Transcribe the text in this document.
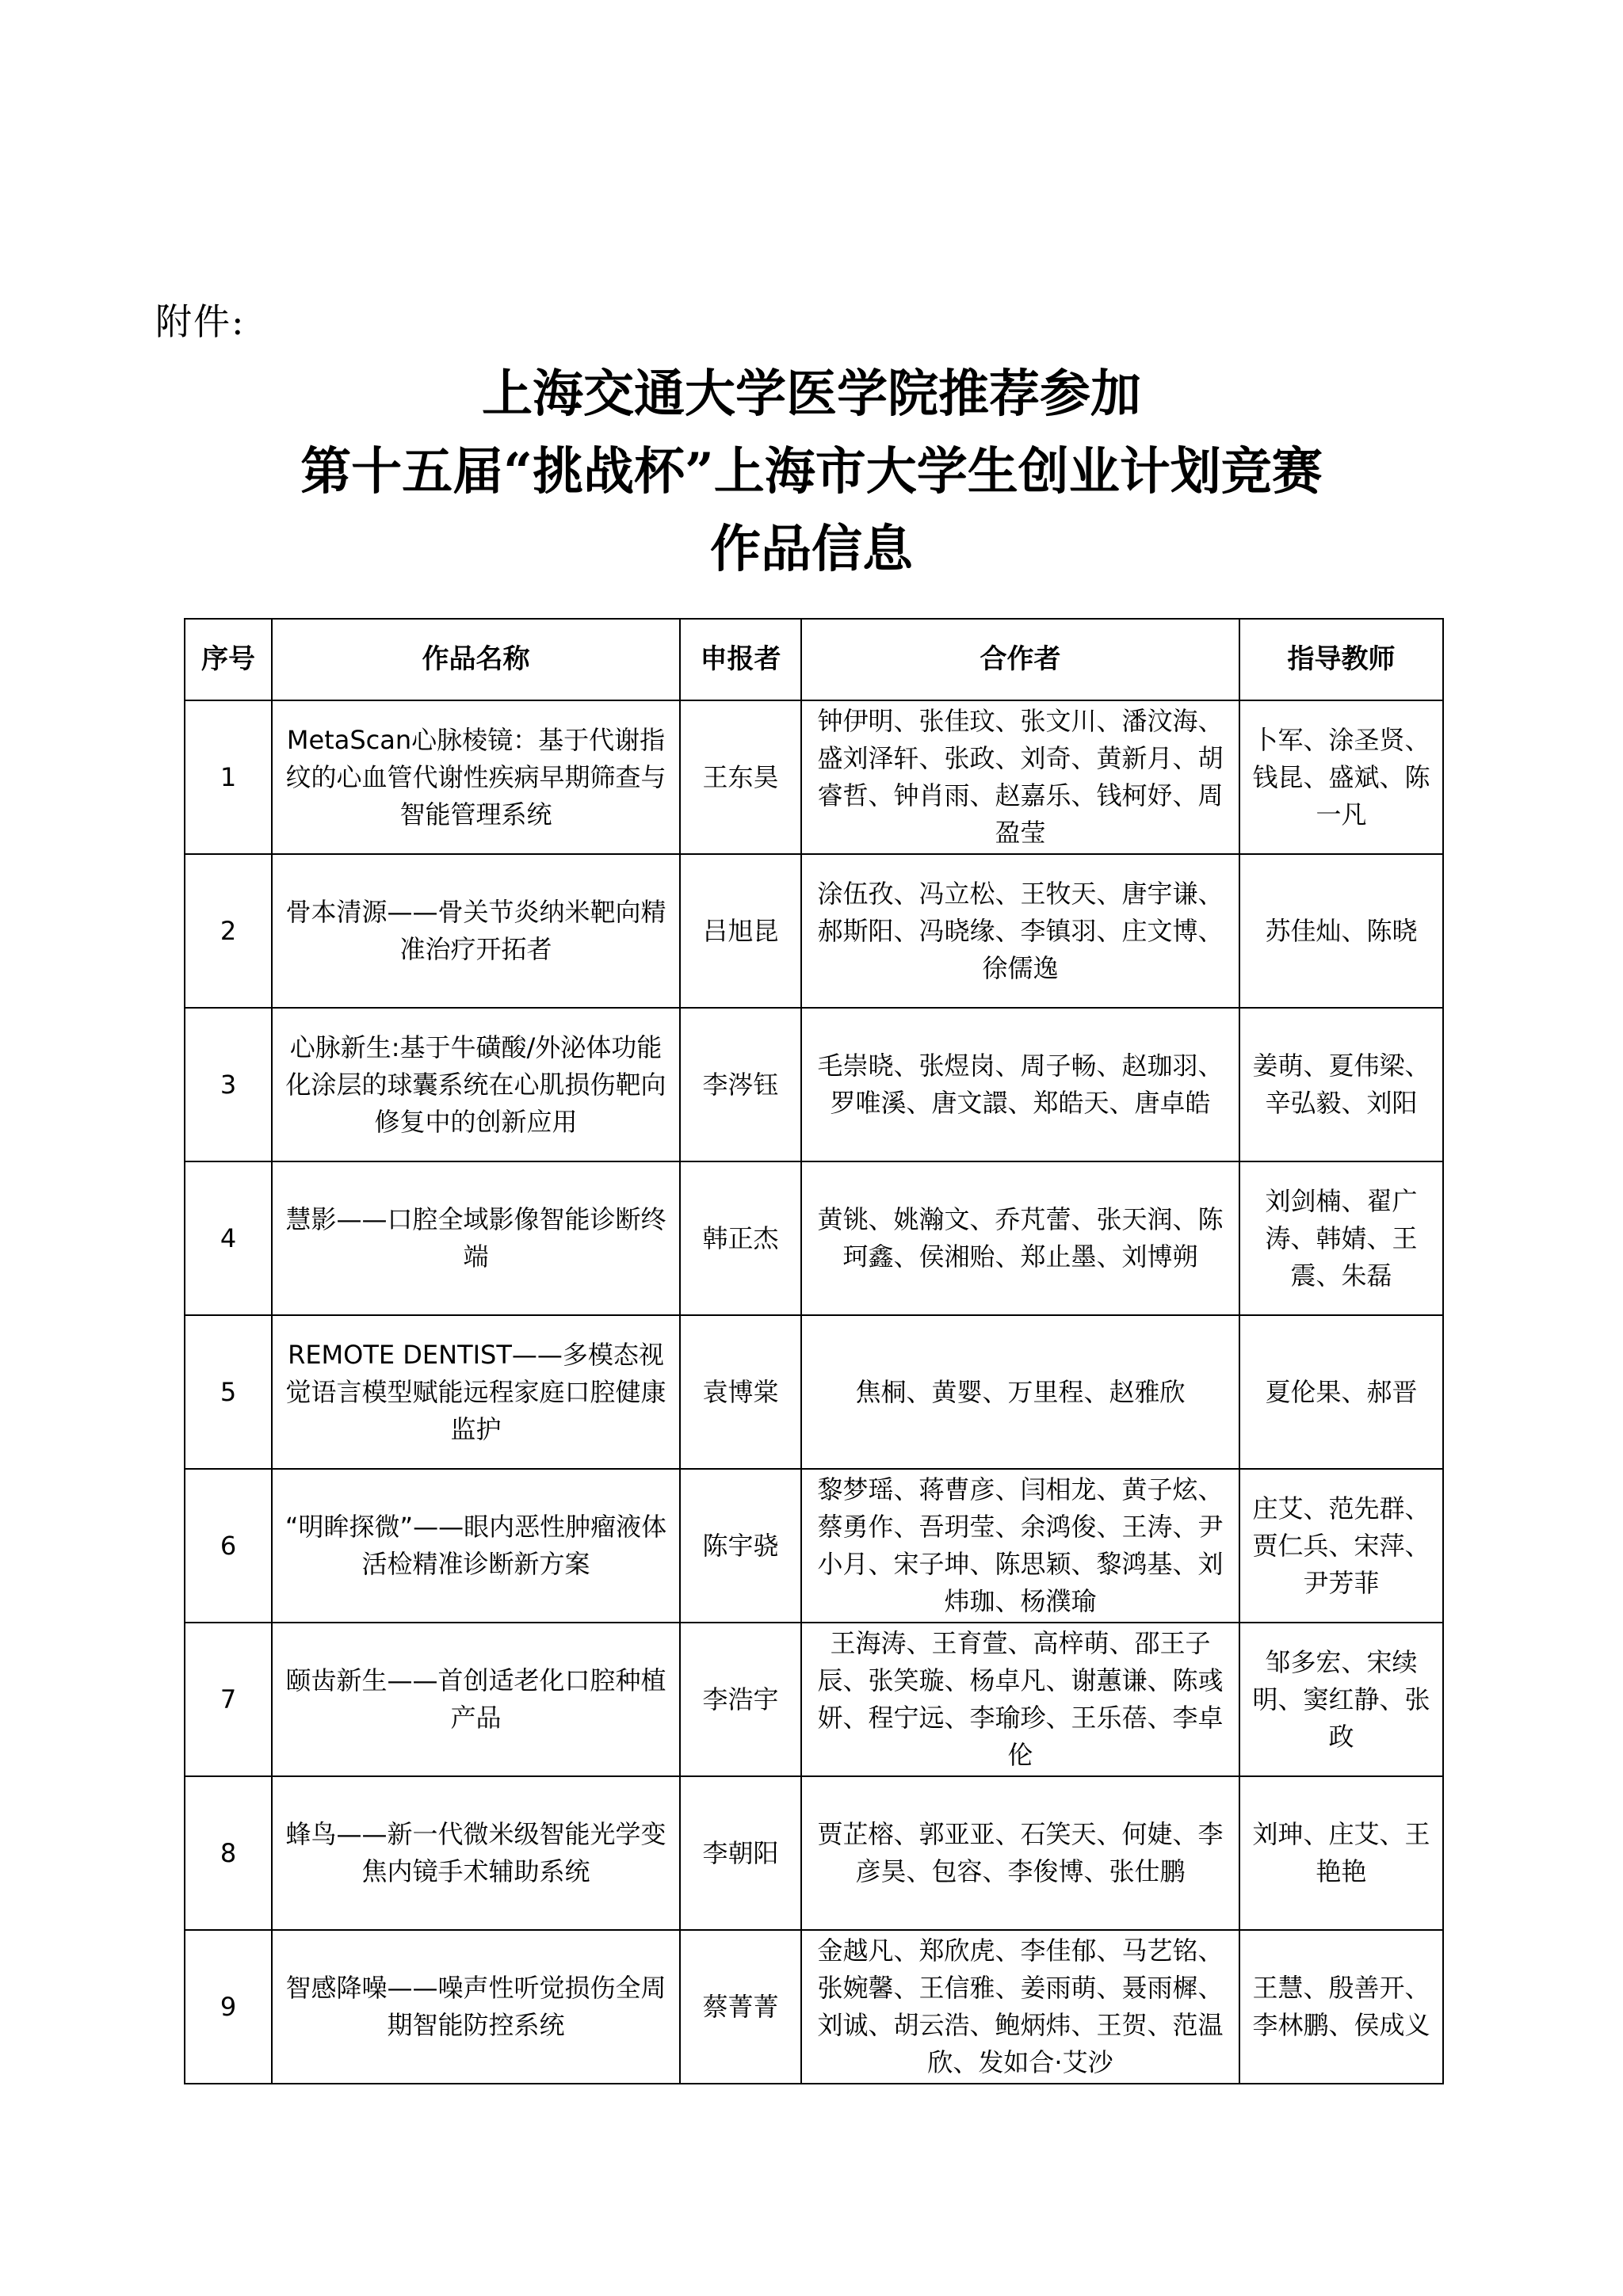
附件:
上海交通大学医学院推荐参加
第十五届“挑战杯”上海市大学生创业计划竞赛
作品信息
序号	作品名称	申报者	合作者	指导教师
1	MetaScan心脉棱镜：基于代谢指纹的心血管代谢性疾病早期筛查与智能管理系统	王东昊	钟伊明、张佳玟、张文川、潘汶海、盛刘泽轩、张政、刘奇、黄新月、胡睿哲、钟肖雨、赵嘉乐、钱柯妤、周盈莹	卜军、涂圣贤、钱昆、盛斌、陈一凡
2	骨本清源——骨关节炎纳米靶向精准治疗开拓者	吕旭昆	涂伍孜、冯立松、王牧天、唐宇谦、郝斯阳、冯晓缘、李镇羽、庄文博、徐儒逸	苏佳灿、陈晓
3	心脉新生:基于牛磺酸/外泌体功能化涂层的球囊系统在心肌损伤靶向修复中的创新应用	李涔钰	毛崇晓、张煜岗、周子畅、赵珈羽、罗唯溪、唐文譞、郑皓天、唐卓皓	姜萌、夏伟梁、辛弘毅、刘阳
4	慧影——口腔全域影像智能诊断终端	韩正杰	黄铫、姚瀚文、乔芃蕾、张天润、陈珂鑫、侯湘贻、郑止墨、刘博朔	刘剑楠、翟广涛、韩婧、王震、朱磊
5	REMOTE DENTIST——多模态视觉语言模型赋能远程家庭口腔健康监护	袁博棠	焦桐、黄婴、万里程、赵雅欣	夏伦果、郝晋
6	“明眸探微”——眼内恶性肿瘤液体活检精准诊断新方案	陈宇骁	黎梦瑶、蒋曹彦、闫相龙、黄子炫、蔡勇作、吾玥莹、余鸿俊、王涛、尹小月、宋子坤、陈思颖、黎鸿基、刘炜珈、杨濮瑜	庄艾、范先群、贾仁兵、宋萍、尹芳菲
7	颐齿新生——首创适老化口腔种植产品	李浩宇	王海涛、王育萱、高梓萌、邵王子辰、张笑璇、杨卓凡、谢蕙谦、陈彧妍、程宁远、李瑜珍、王乐蓓、李卓伦	邹多宏、宋续明、窦红静、张政
8	蜂鸟——新一代微米级智能光学变焦内镜手术辅助系统	李朝阳	贾芷榕、郭亚亚、石笑天、何婕、李彦昊、包容、李俊博、张仕鹏	刘珅、庄艾、王艳艳
9	智感降噪——噪声性听觉损伤全周期智能防控系统	蔡菁菁	金越凡、郑欣虎、李佳郁、马艺铭、张婉馨、王信雅、姜雨萌、聂雨樨、刘诚、胡云浩、鲍炳炜、王贺、范温欣、发如合·艾沙	王慧、殷善开、李林鹏、侯成义
